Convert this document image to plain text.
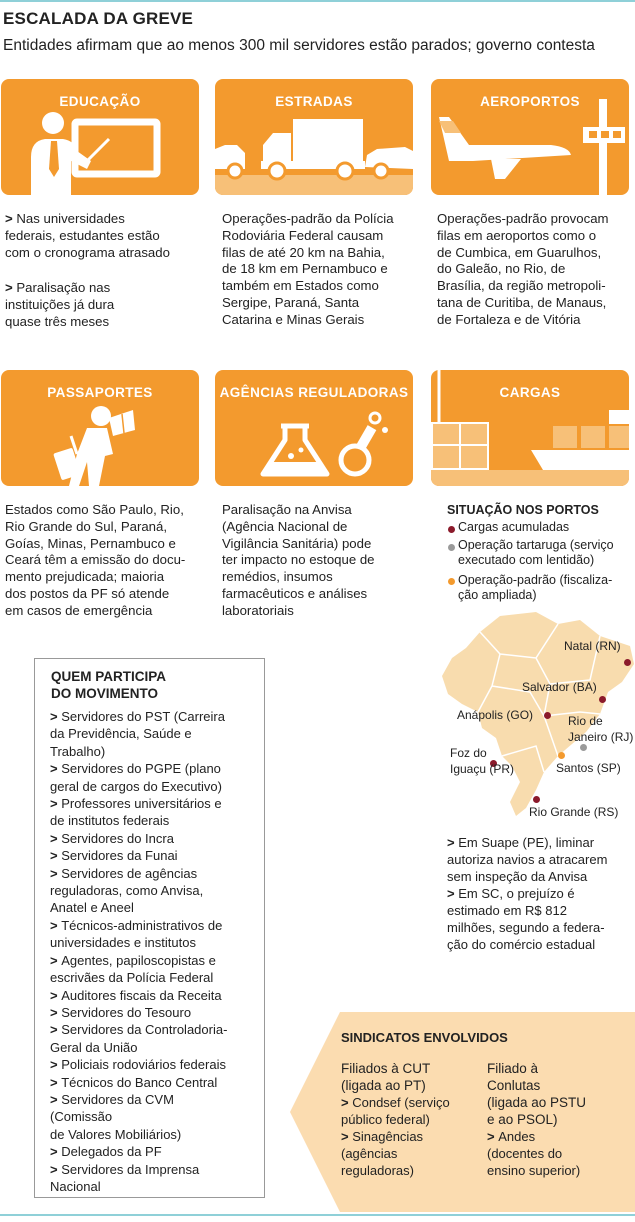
ESCALADA DA GREVE
Entidades afirmam que ao menos 300 mil servidores estão parados; governo contesta
EDUCAÇÃO	ESTRADAS	AEROPORTOS
> Nas universidades
federais, estudantes estão
com o cronograma atrasado
> Paralisação nas
instituições já dura
quase três meses
Operações-padrão da Polícia
Rodoviária Federal causam
filas de até 20 km na Bahia,
de 18 km em Pernambuco e
também em Estados como
Sergipe, Paraná, Santa
Catarina e Minas Gerais
Operações-padrão provocam
filas em aeroportos como o
de Cumbica, em Guarulhos,
do Galeão, no Rio, de
Brasília, da região metropoli-
tana de Curitiba, de Manaus,
de Fortaleza e de Vitória
PASSAPORTES	AGÊNCIAS REGULADORAS	CARGAS
Estados como São Paulo, Rio,
Rio Grande do Sul, Paraná,
Goías, Minas, Pernambuco e
Ceará têm a emissão do docu-
mento prejudicada; maioria
dos postos da PF só atende
em casos de emergência
Paralisação na Anvisa
(Agência Nacional de
Vigilância Sanitária) pode
ter impacto no estoque de
remédios, insumos
farmacêuticos e análises
laboratoriais
SITUAÇÃO NOS PORTOS
Cargas acumuladas
Operação tartaruga (serviço
executado com lentidão)
Operação-padrão (fiscaliza-
ção ampliada)
Natal (RN)
Salvador (BA)
Anápolis (GO)	Rio de
Janeiro (RJ)
Foz do
Iguaçu (PR)	Santos (SP)
Rio Grande (RS)
> Em Suape (PE), liminar
autoriza navios a atracarem
sem inspeção da Anvisa
> Em SC, o prejuízo é
estimado em R$ 812
milhões, segundo a federa-
ção do comércio estadual
QUEM PARTICIPA
DO MOVIMENTO
> Servidores do PST (Carreira
da Previdência, Saúde e
Trabalho)
> Servidores do PGPE (plano
geral de cargos do Executivo)
> Professores universitários e
de institutos federais
> Servidores do Incra
> Servidores da Funai
> Servidores de agências
reguladoras, como Anvisa,
Anatel e Aneel
> Técnicos-administrativos de
universidades e institutos
> Agentes, papiloscopistas e
escrivães da Polícia Federal
> Auditores fiscais da Receita
> Servidores do Tesouro
> Servidores da Controladoria-
Geral da União
> Policiais rodoviários federais
> Técnicos do Banco Central
> Servidores da CVM
(Comissão
de Valores Mobiliários)
> Delegados da PF
> Servidores da Imprensa
Nacional
SINDICATOS ENVOLVIDOS
Filiados à CUT
(ligada ao PT)
> Condsef (serviço
público federal)
> Sinagências
(agências
reguladoras)
Filiado à
Conlutas
(ligada ao PSTU
e ao PSOL)
> Andes
(docentes do
ensino superior)
